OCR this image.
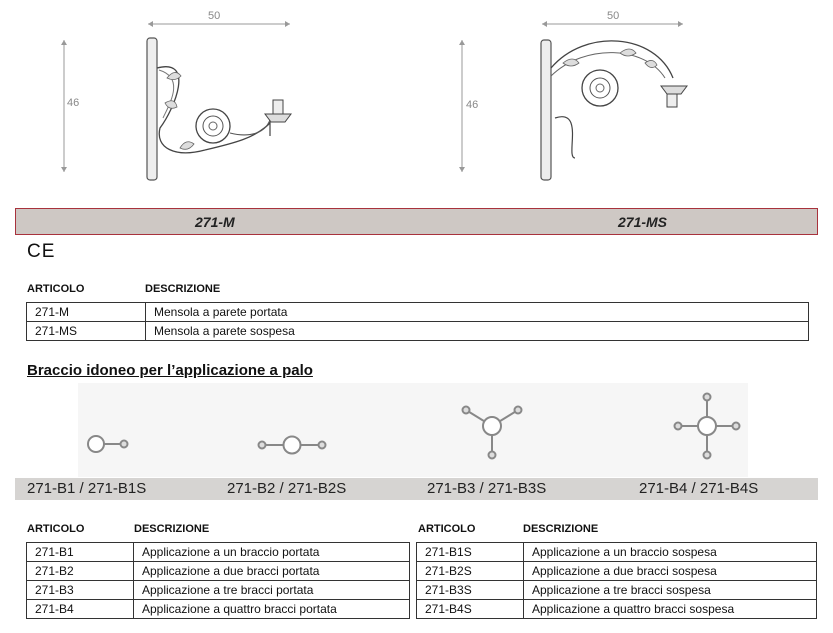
50
46
50
46
271-M	271-MS
CE
ARTICOLO	DESCRIZIONE
271-M	Mensola a parete portata
271-MS	Mensola a parete sospesa
Braccio idoneo per l’applicazione a palo
271-B1 / 271-B1S	271-B2 / 271-B2S	271-B3 / 271-B3S	271-B4 / 271-B4S
ARTICOLO	DESCRIZIONE	ARTICOLO	DESCRIZIONE
271-B1	Applicazione a un braccio portata
271-B2	Applicazione a due bracci portata
271-B3	Applicazione a tre bracci portata
271-B4	Applicazione a quattro bracci portata
271-B1S	Applicazione a un braccio sospesa
271-B2S	Applicazione a due bracci sospesa
271-B3S	Applicazione a tre bracci sospesa
271-B4S	Applicazione a quattro bracci sospesa
